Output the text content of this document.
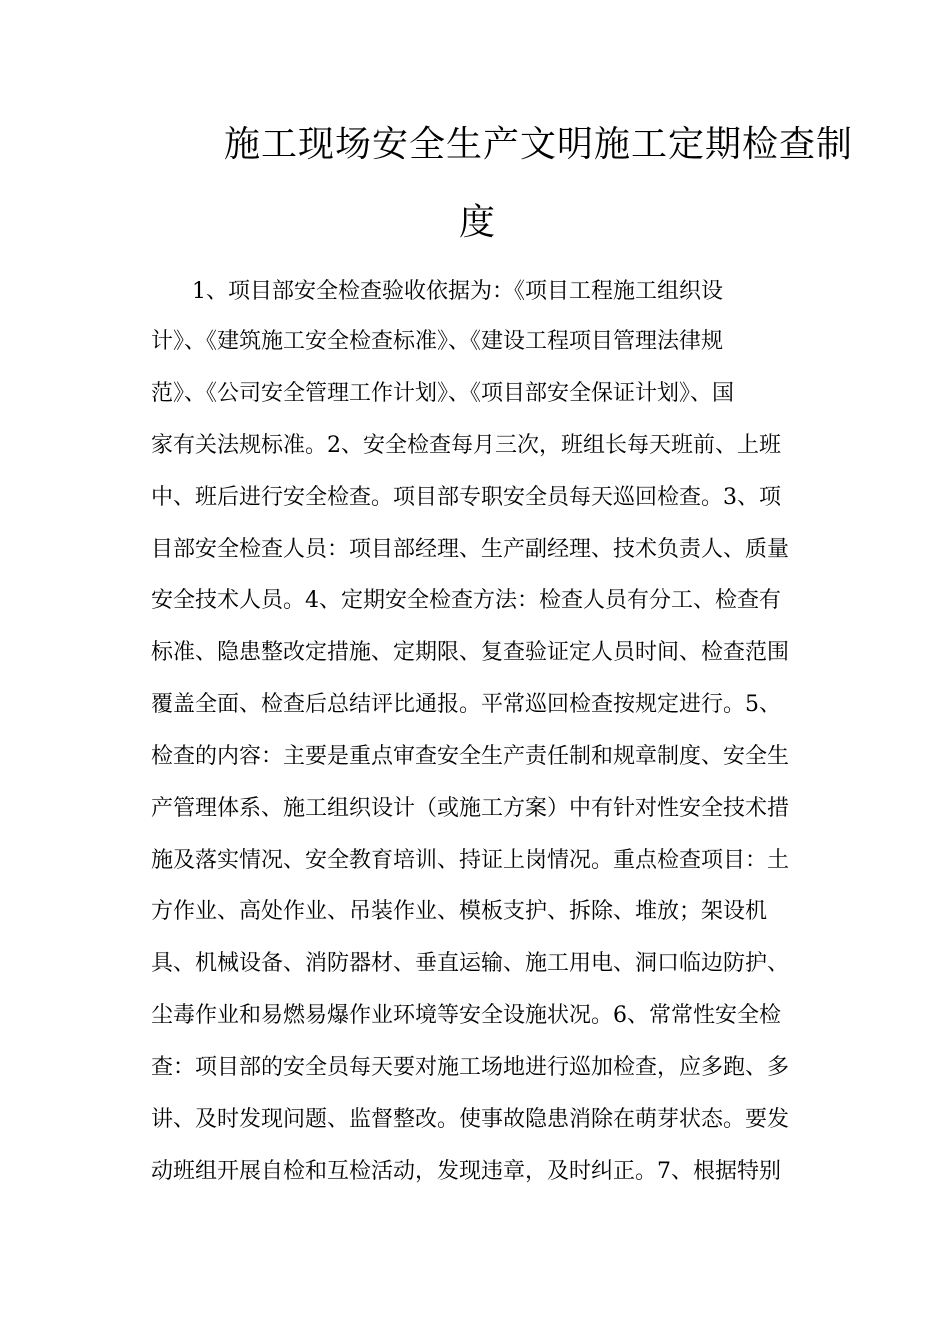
施工现场安全生产文明施工定期检查制
度
1、项目部安全检查验收依据为：《项目工程施工组织设
计》、《建筑施工安全检查标准》、《建设工程项目管理法律规
范》、《公司安全管理工作计划》、《项目部安全保证计划》、国
家有关法规标准。2、安全检查每月三次，班组长每天班前、上班
中、班后进行安全检查。项目部专职安全员每天巡回检查。3、项
目部安全检查人员：项目部经理、生产副经理、技术负责人、质量
安全技术人员。4、定期安全检查方法：检查人员有分工、检查有
标准、隐患整改定措施、定期限、复查验证定人员时间、检查范围
覆盖全面、检查后总结评比通报。平常巡回检查按规定进行。5、
检查的内容：主要是重点审查安全生产责任制和规章制度、安全生
产管理体系、施工组织设计（或施工方案）中有针对性安全技术措
施及落实情况、安全教育培训、持证上岗情况。重点检查项目：土
方作业、高处作业、吊装作业、模板支护、拆除、堆放；架设机
具、机械设备、消防器材、垂直运输、施工用电、洞口临边防护、
尘毒作业和易燃易爆作业环境等安全设施状况。6、常常性安全检
查：项目部的安全员每天要对施工场地进行巡加检查，应多跑、多
讲、及时发现问题、监督整改。使事故隐患消除在萌芽状态。要发
动班组开展自检和互检活动，发现违章，及时纠正。7、根据特别
